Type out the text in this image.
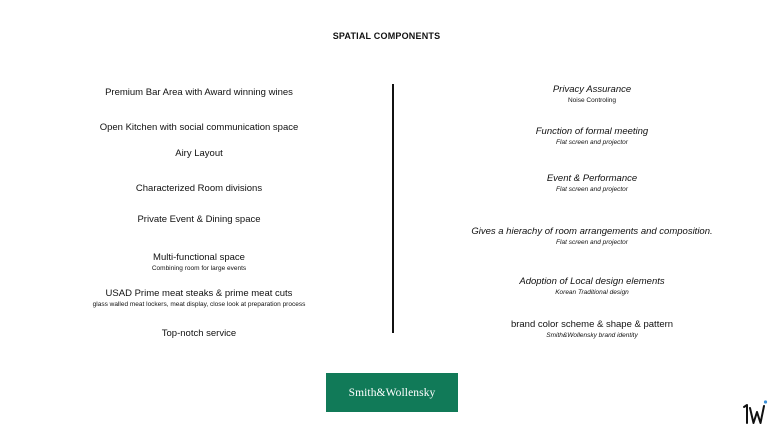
SPATIAL COMPONENTS
Premium Bar Area with Award winning wines
Open Kitchen with social communication space
Airy Layout
Characterized Room divisions
Private Event & Dining space
Multi-functional space
Combining room for large events
USAD Prime meat steaks & prime meat cuts
glass walled meat lockers, meat display, close look at preparation process
Top-notch service
Privacy Assurance
Noise Controling
Function of formal meeting
Flat screen and projector
Event & Performance
Flat screen and projector
Gives a hierachy of room arrangements and composition.
Flat screen and projector
Adoption of Local design elements
Korean Traditional design
brand color scheme & shape & pattern
Smith&Wollensky brand identity
Smith&Wollensky
